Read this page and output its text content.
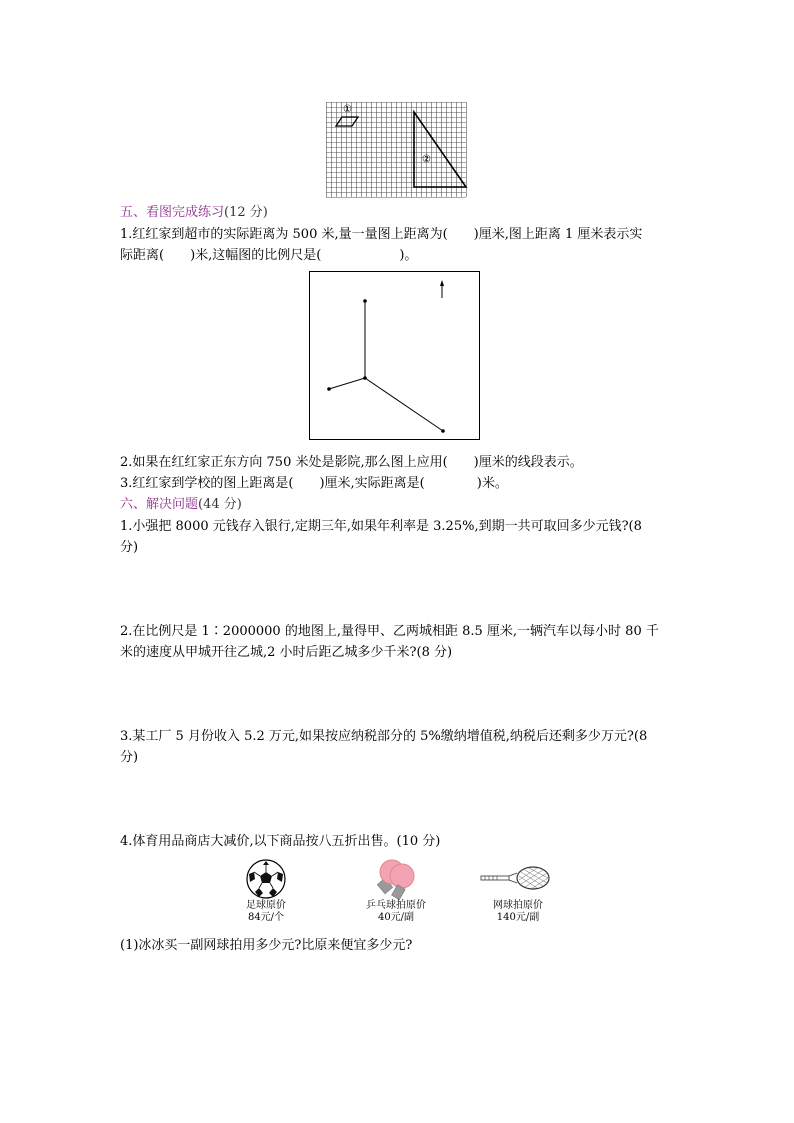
①
②
五、看图完成练习(12 分)
1.红红家到超市的实际距离为 500 米,量一量图上距离为(　　)厘米,图上距离 1 厘米表示实
际距离(　　)米,这幅图的比例尺是(　　　　　　)。
2.如果在红红家正东方向 750 米处是影院,那么图上应用(　　)厘米的线段表示。
3.红红家到学校的图上距离是(　　)厘米,实际距离是(　　　　)米。
六、解决问题(44 分)
1.小强把 8000 元钱存入银行,定期三年,如果年利率是 3.25%,到期一共可取回多少元钱?(8
分)
2.在比例尺是 1∶2000000 的地图上,量得甲、乙两城相距 8.5 厘米,一辆汽车以每小时 80 千
米的速度从甲城开往乙城,2 小时后距乙城多少千米?(8 分)
3.某工厂 5 月份收入 5.2 万元,如果按应纳税部分的 5%缴纳增值税,纳税后还剩多少万元?(8
分)
4.体育用品商店大减价,以下商品按八五折出售。(10 分)
足球原价
84元/个
乒乓球拍原价
40元/副
网球拍原价
140元/副
(1)冰冰买一副网球拍用多少元?比原来便宜多少元?
